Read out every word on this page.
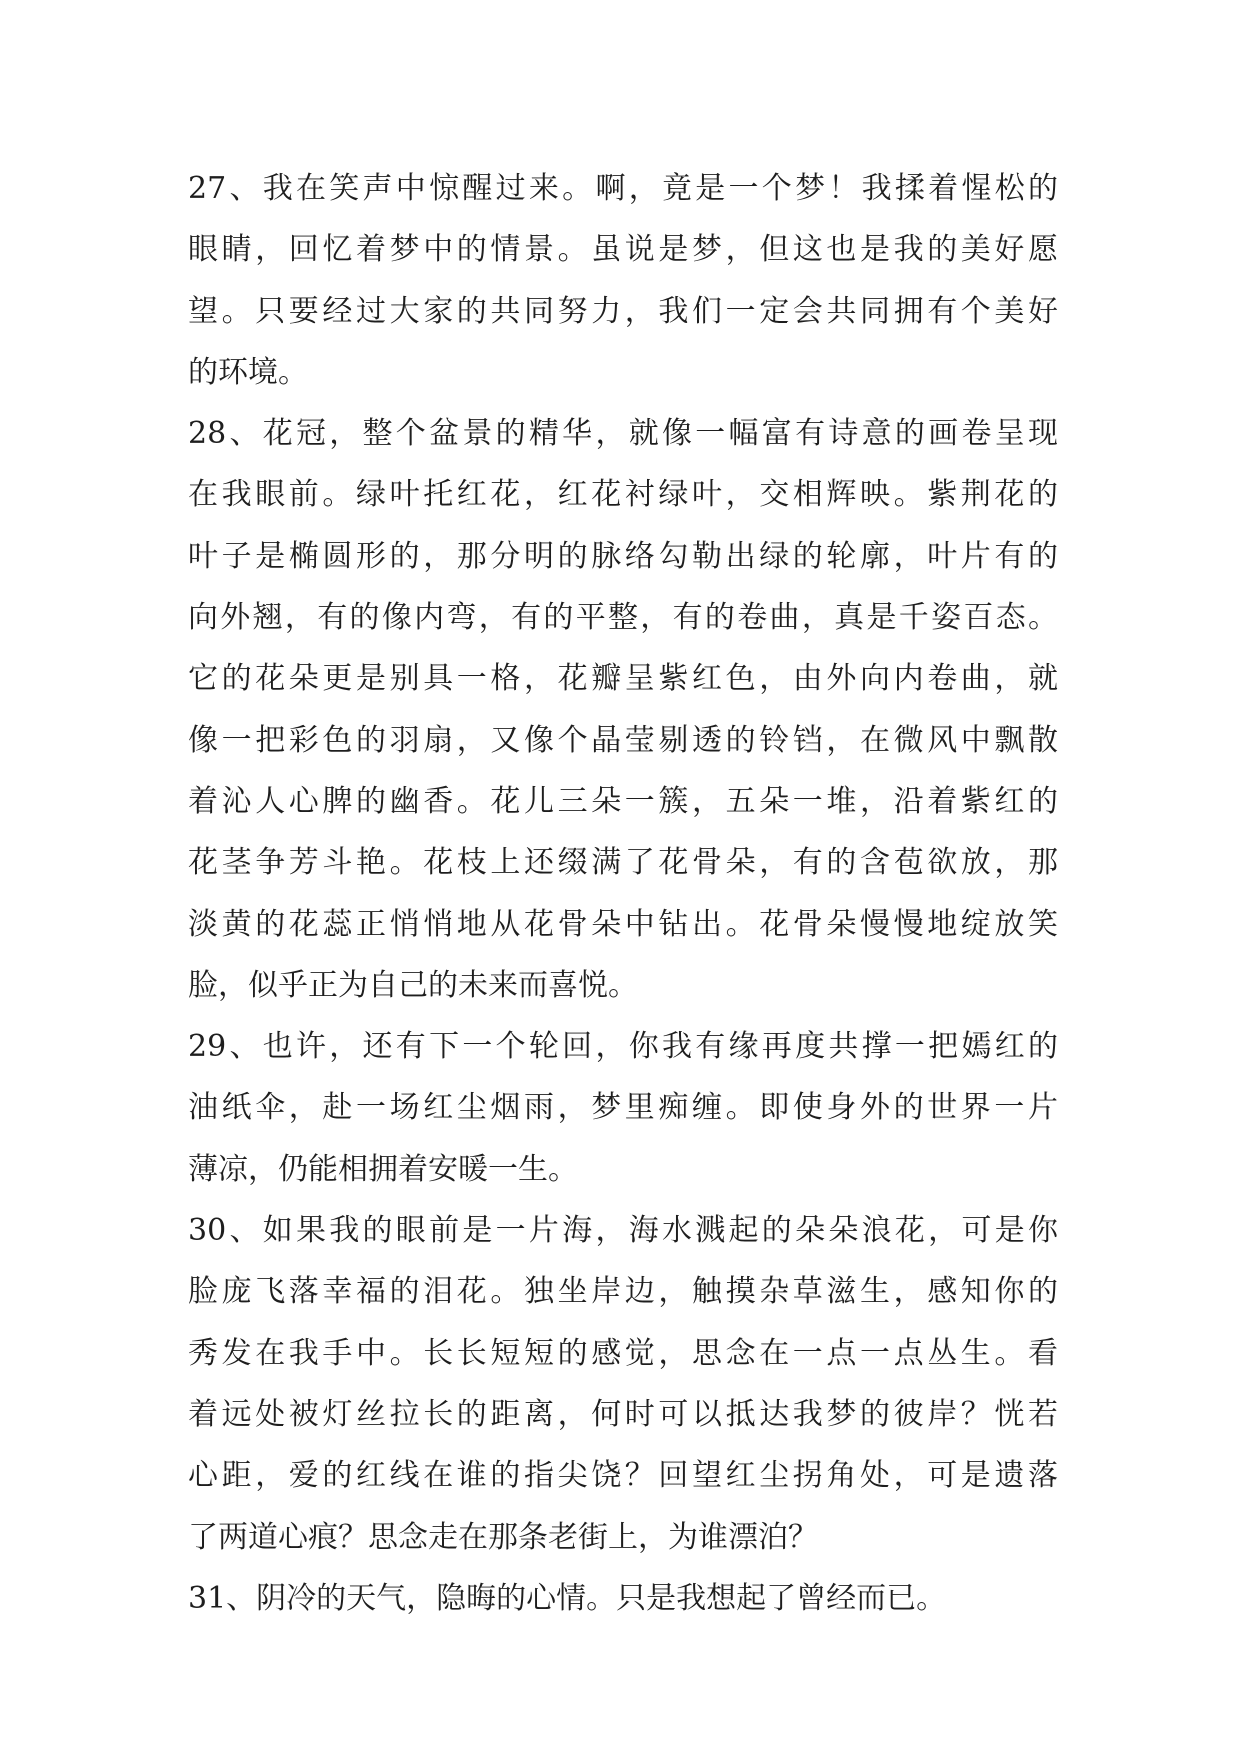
27、我在笑声中惊醒过来。啊，竟是一个梦！我揉着惺松的
眼睛，回忆着梦中的情景。虽说是梦，但这也是我的美好愿
望。只要经过大家的共同努力，我们一定会共同拥有个美好
的环境。
28、花冠，整个盆景的精华，就像一幅富有诗意的画卷呈现
在我眼前。绿叶托红花，红花衬绿叶，交相辉映。紫荆花的
叶子是椭圆形的，那分明的脉络勾勒出绿的轮廓，叶片有的
向外翘，有的像内弯，有的平整，有的卷曲，真是千姿百态。
它的花朵更是别具一格，花瓣呈紫红色，由外向内卷曲，就
像一把彩色的羽扇，又像个晶莹剔透的铃铛，在微风中飘散
着沁人心脾的幽香。花儿三朵一簇，五朵一堆，沿着紫红的
花茎争芳斗艳。花枝上还缀满了花骨朵，有的含苞欲放，那
淡黄的花蕊正悄悄地从花骨朵中钻出。花骨朵慢慢地绽放笑
脸，似乎正为自己的未来而喜悦。
29、也许，还有下一个轮回，你我有缘再度共撑一把嫣红的
油纸伞，赴一场红尘烟雨，梦里痴缠。即使身外的世界一片
薄凉，仍能相拥着安暖一生。
30、如果我的眼前是一片海，海水溅起的朵朵浪花，可是你
脸庞飞落幸福的泪花。独坐岸边，触摸杂草滋生，感知你的
秀发在我手中。长长短短的感觉，思念在一点一点丛生。看
着远处被灯丝拉长的距离，何时可以抵达我梦的彼岸？恍若
心距，爱的红线在谁的指尖饶？回望红尘拐角处，可是遗落
了两道心痕？思念走在那条老街上，为谁漂泊？
31、阴冷的天气，隐晦的心情。只是我想起了曾经而已。
